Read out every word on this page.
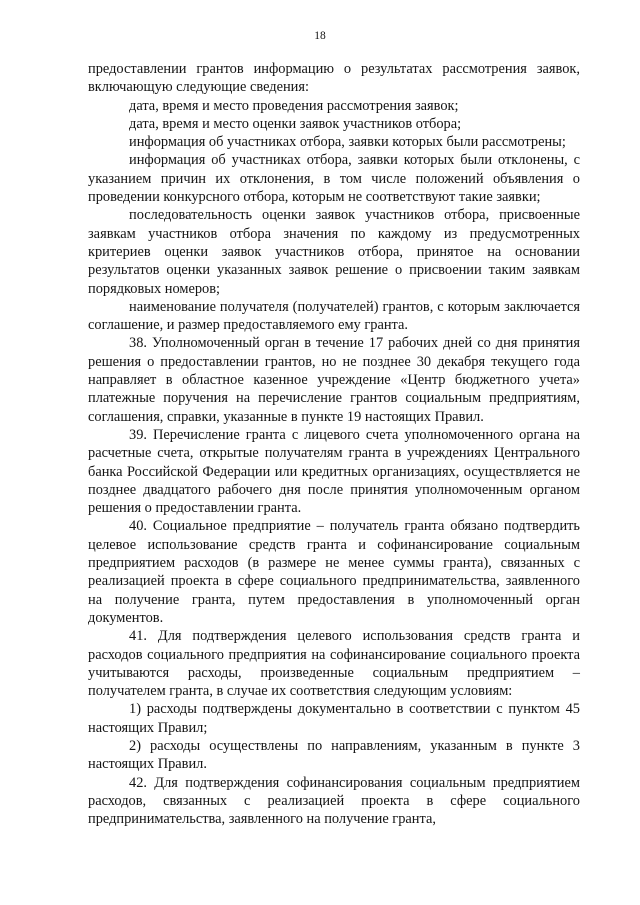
18

предоставлении грантов информацию о результатах рассмотрения заявок, включающую следующие сведения:

дата, время и место проведения рассмотрения заявок;

дата, время и место оценки заявок участников отбора;

информация об участниках отбора, заявки которых были рассмотрены;

информация об участниках отбора, заявки которых были отклонены, с указанием причин их отклонения, в том числе положений объявления о проведении конкурсного отбора, которым не соответствуют такие заявки;

последовательность оценки заявок участников отбора, присвоенные заявкам участников отбора значения по каждому из предусмотренных критериев оценки заявок участников отбора, принятое на основании результатов оценки указанных заявок решение о присвоении таким заявкам порядковых номеров;

наименование получателя (получателей) грантов, с которым заключается соглашение, и размер предоставляемого ему гранта.

38. Уполномоченный орган в течение 17 рабочих дней со дня принятия решения о предоставлении грантов, но не позднее 30 декабря текущего года направляет в областное казенное учреждение «Центр бюджетного учета» платежные поручения на перечисление грантов социальным предприятиям, соглашения, справки, указанные в пункте 19 настоящих Правил.

39. Перечисление гранта с лицевого счета уполномоченного органа на расчетные счета, открытые получателям гранта в учреждениях Центрального банка Российской Федерации или кредитных организациях, осуществляется не позднее двадцатого рабочего дня после принятия уполномоченным органом решения о предоставлении гранта.

40. Социальное предприятие – получатель гранта обязано подтвердить целевое использование средств гранта и софинансирование социальным предприятием расходов (в размере не менее суммы гранта), связанных с реализацией проекта в сфере социального предпринимательства, заявленного на получение гранта, путем предоставления в уполномоченный орган документов.

41. Для подтверждения целевого использования средств гранта и расходов социального предприятия на софинансирование социального проекта учитываются расходы, произведенные социальным предприятием – получателем гранта, в случае их соответствия следующим условиям:

1) расходы подтверждены документально в соответствии с пунктом 45 настоящих Правил;

2) расходы осуществлены по направлениям, указанным в пункте 3 настоящих Правил.

42. Для подтверждения софинансирования социальным предприятием расходов, связанных с реализацией проекта в сфере социального предпринимательства, заявленного на получение гранта,
